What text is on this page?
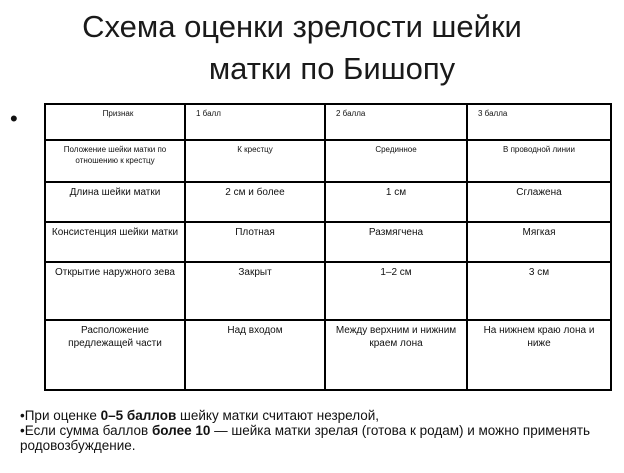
Схема оценки зрелости шейки
матки по Бишопу
•	Признак	1 балл	2 балла	3 балла
Положение шейки матки по отношению к крестцу	К крестцу	Срединное	В проводной линии
Длина шейки матки	2 см и более	1 см	Сглажена
Консистенция шейки матки	Плотная	Размягчена	Мягкая
Открытие наружного зева	Закрыт	1–2 см	3 см
Расположение предлежащей части	Над входом	Между верхним и нижним краем лона	На нижнем краю лона и ниже

•При оценке 0–5 баллов шейку матки считают незрелой,

•Если сумма баллов более 10 — шейка матки зрелая (готова к родам) и можно применять родовозбуждение.
